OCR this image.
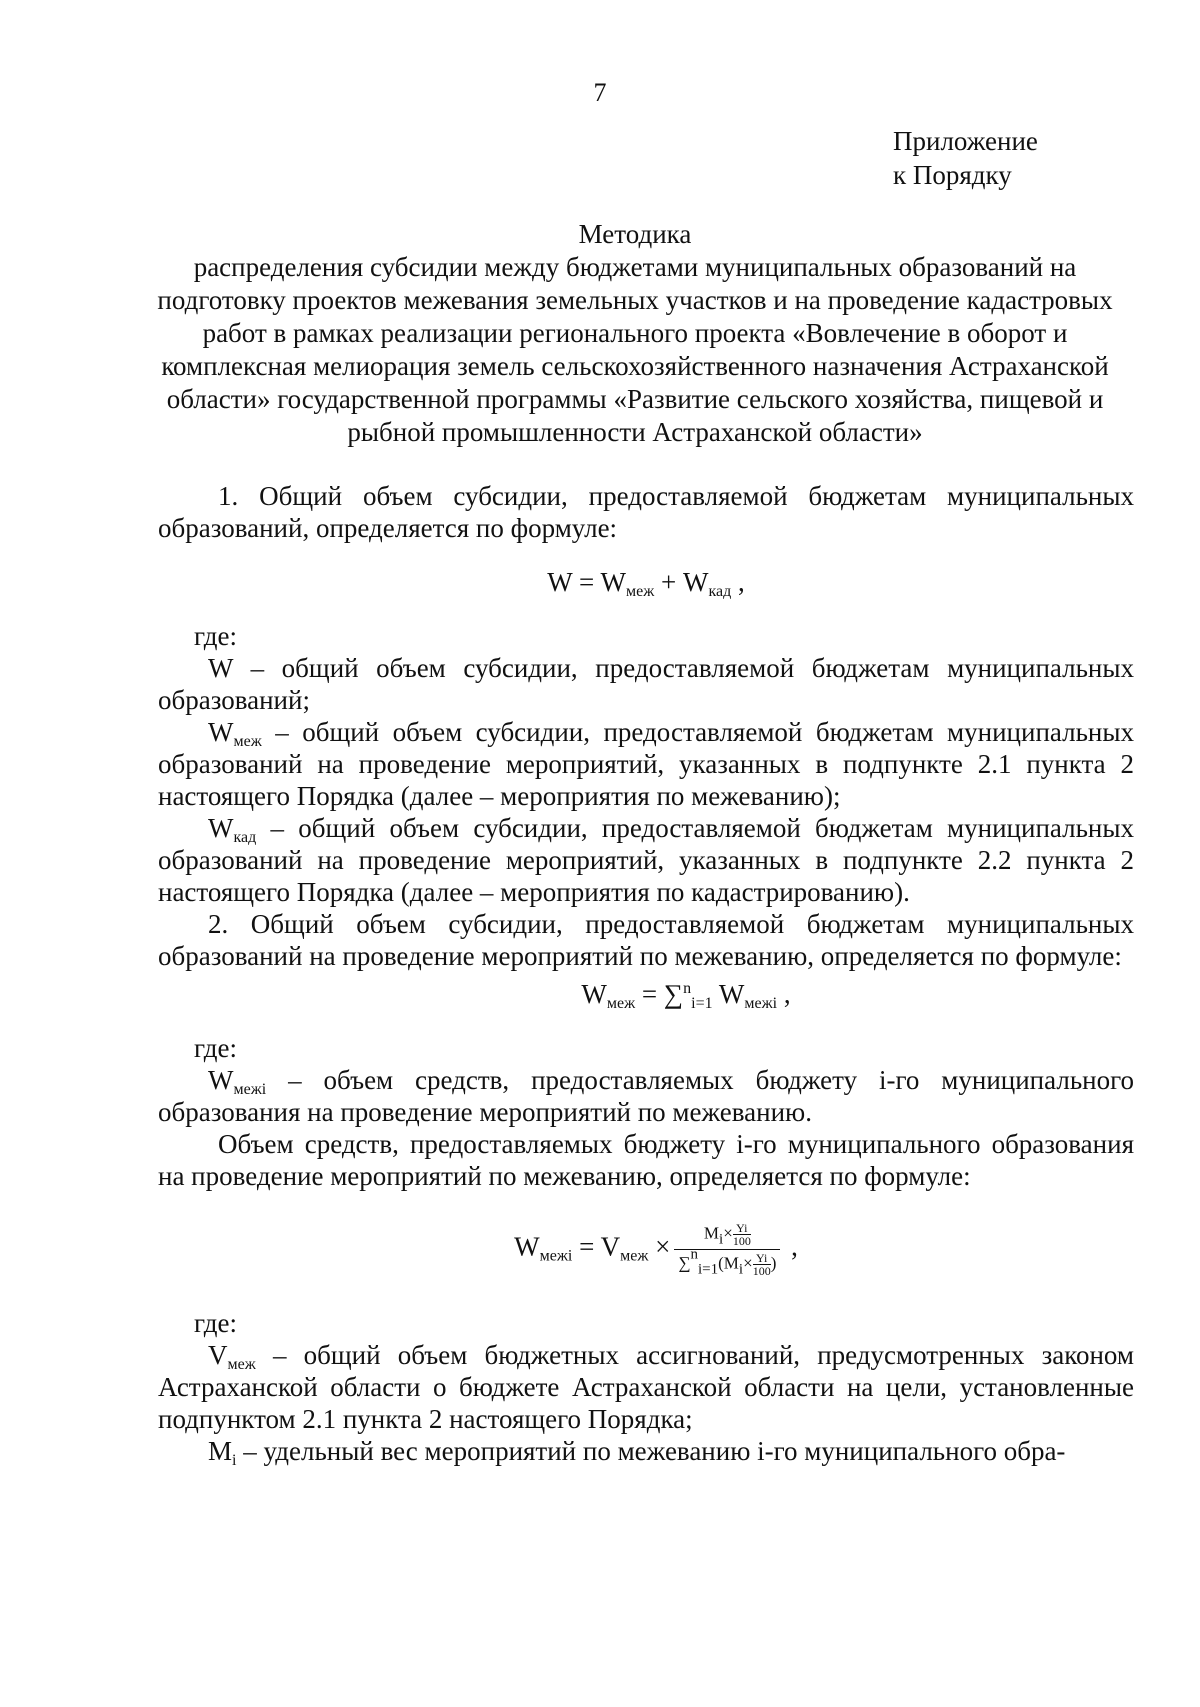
7
Приложение
к Порядку
Методика
распределения субсидии между бюджетами муниципальных образований на подготовку проектов межевания земельных участков и на проведение кадастровых работ в рамках реализации регионального проекта «Вовлечение в оборот и комплексная мелиорация земель сельскохозяйственного назначения Астраханской области» государственной программы «Развитие сельского хозяйства, пищевой и рыбной промышленности Астраханской области»

1. Общий объем субсидии, предоставляемой бюджетам муниципальных образований, определяется по формуле:

$W = W_{меж} + W_{кад}$ ,

где:

W – общий объем субсидии, предоставляемой бюджетам муниципальных образований;

$W_{меж}$ – общий объем субсидии, предоставляемой бюджетам муниципальных образований на проведение мероприятий, указанных в подпункте 2.1 пункта 2 настоящего Порядка (далее – мероприятия по межеванию);

$W_{кад}$ – общий объем субсидии, предоставляемой бюджетам муниципальных образований на проведение мероприятий, указанных в подпункте 2.2 пункта 2 настоящего Порядка (далее – мероприятия по кадастрированию).

2. Общий объем субсидии, предоставляемой бюджетам муниципальных образований на проведение мероприятий по межеванию, определяется по формуле:

$W_{меж} = \sum^n_{i=1}$ $W_{межi}$ ,

где:

$W_{межi}$ – объем средств, предоставляемых бюджету i-го муниципального образования на проведение мероприятий по межеванию.

Объем средств, предоставляемых бюджету i-го муниципального образования на проведение мероприятий по межеванию, определяется по формуле:

$W_{межi} = V_{меж} \times \frac{M_i\times \frac{Yi}{100}}{\sum^n_{i=1}(M_i\times \frac{Yi}{100} )}$ ,

где:

$V_{меж}$ – общий объем бюджетных ассигнований, предусмотренных законом Астраханской области о бюджете Астраханской области на цели, установленные подпунктом 2.1 пункта 2 настоящего Порядка;

$M_i$ – удельный вес мероприятий по межеванию i-го муниципального обра-
